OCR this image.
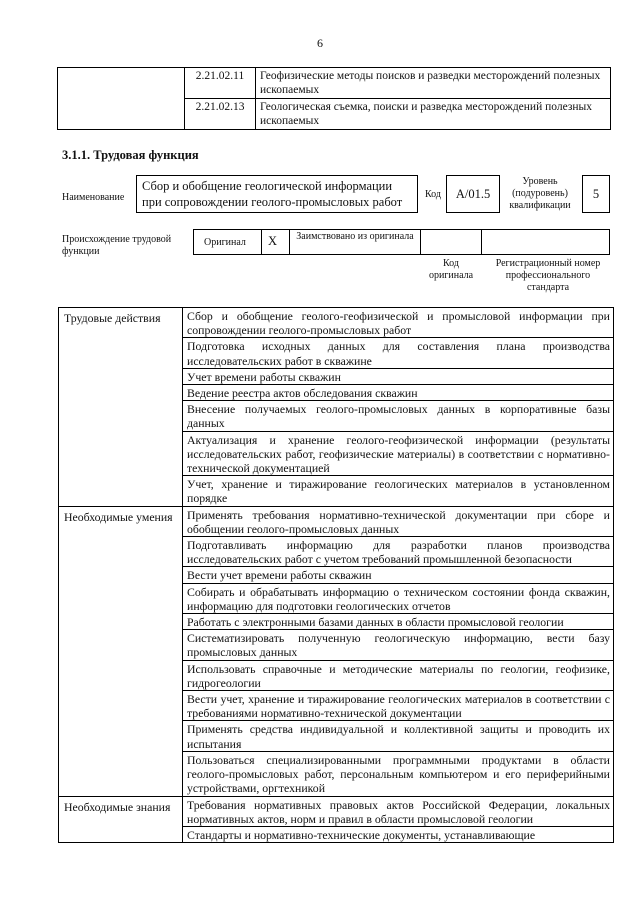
6
	2.21.02.11	Геофизические методы поисков и разведки месторождений полезных ископаемых
	2.21.02.13	Геологическая съемка, поиски и разведка месторождений полезных ископаемых
3.1.1. Трудовая функция
Наименование
Сбор и обобщение геологической информации при сопровождении геолого-промысловых работ
Код	А/01.5
Уровень (подуровень) квалификации
5
Происхождение трудовой функции
Оригинал Х Заимствовано из оригинала
Код оригинала
Регистрационный номер профессионального стандарта
Трудовые действия	Сбор и обобщение геолого-геофизической и промысловой информации при сопровождении геолого-промысловых работ
	Подготовка исходных данных для составления плана производства исследовательских работ в скважине
	Учет времени работы скважин
	Ведение реестра актов обследования скважин
	Внесение получаемых геолого-промысловых данных в корпоративные базы данных
	Актуализация и хранение геолого-геофизической информации (результаты исследовательских работ, геофизические материалы) в соответствии с нормативно-технической документацией
	Учет, хранение и тиражирование геологических материалов в установленном порядке
Необходимые умения	Применять требования нормативно-технической документации при сборе и обобщении геолого-промысловых данных
	Подготавливать информацию для разработки планов производства исследовательских работ с учетом требований промышленной безопасности
	Вести учет времени работы скважин
	Собирать и обрабатывать информацию о техническом состоянии фонда скважин, информацию для подготовки геологических отчетов
	Работать с электронными базами данных в области промысловой геологии
	Систематизировать полученную геологическую информацию, вести базу промысловых данных
	Использовать справочные и методические материалы по геологии, геофизике, гидрогеологии
	Вести учет, хранение и тиражирование геологических материалов в соответствии с требованиями нормативно-технической документации
	Применять средства индивидуальной и коллективной защиты и проводить их испытания
	Пользоваться специализированными программными продуктами в области геолого-промысловых работ, персональным компьютером и его периферийными устройствами, оргтехникой
Необходимые знания	Требования нормативных правовых актов Российской Федерации, локальных нормативных актов, норм и правил в области промысловой геологии
	Стандарты и нормативно-технические документы, устанавливающие
